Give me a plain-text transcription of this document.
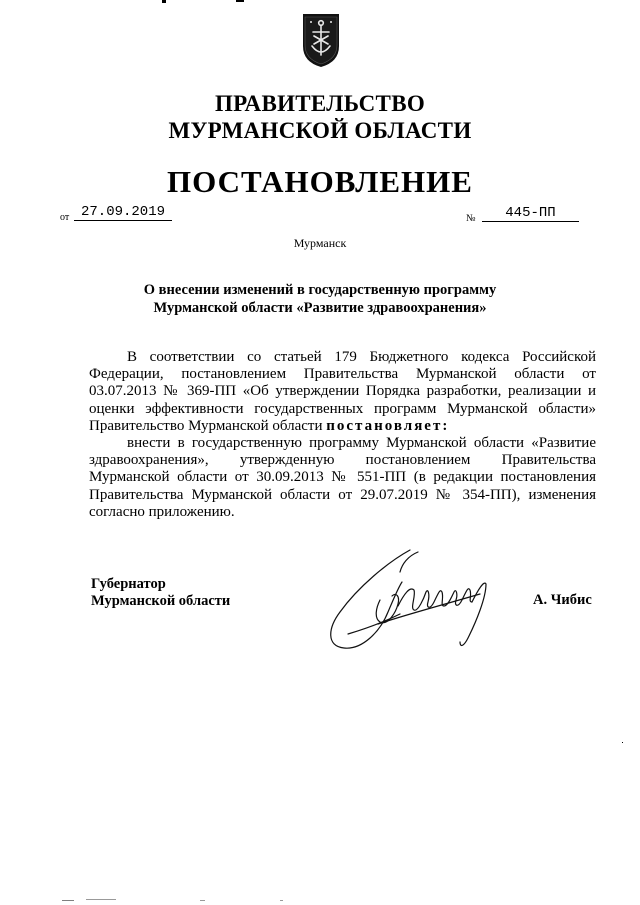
ПРАВИТЕЛЬСТВО
МУРМАНСКОЙ ОБЛАСТИ
ПОСТАНОВЛЕНИЕ
от 27.09.2019	№	445-ПП
Мурманск
О внесении изменений в государственную программу
Мурманской области «Развитие здравоохранения»

В соответствии со статьей 179 Бюджетного кодекса Российской Федерации, постановлением Правительства Мурманской области от 03.07.2013 № 369-ПП «Об утверждении Порядка разработки, реализации и оценки эффективности государственных программ Мурманской области» Правительство Мурманской области постановляет:

внести в государственную программу Мурманской области «Развитие здравоохранения», утвержденную постановлением Правительства Мурманской области от 30.09.2013 № 551-ПП (в редакции постановления Правительства Мурманской области от 29.07.2019 № 354-ПП), изменения согласно приложению.

Губернатор
Мурманской области	А. Чибис
